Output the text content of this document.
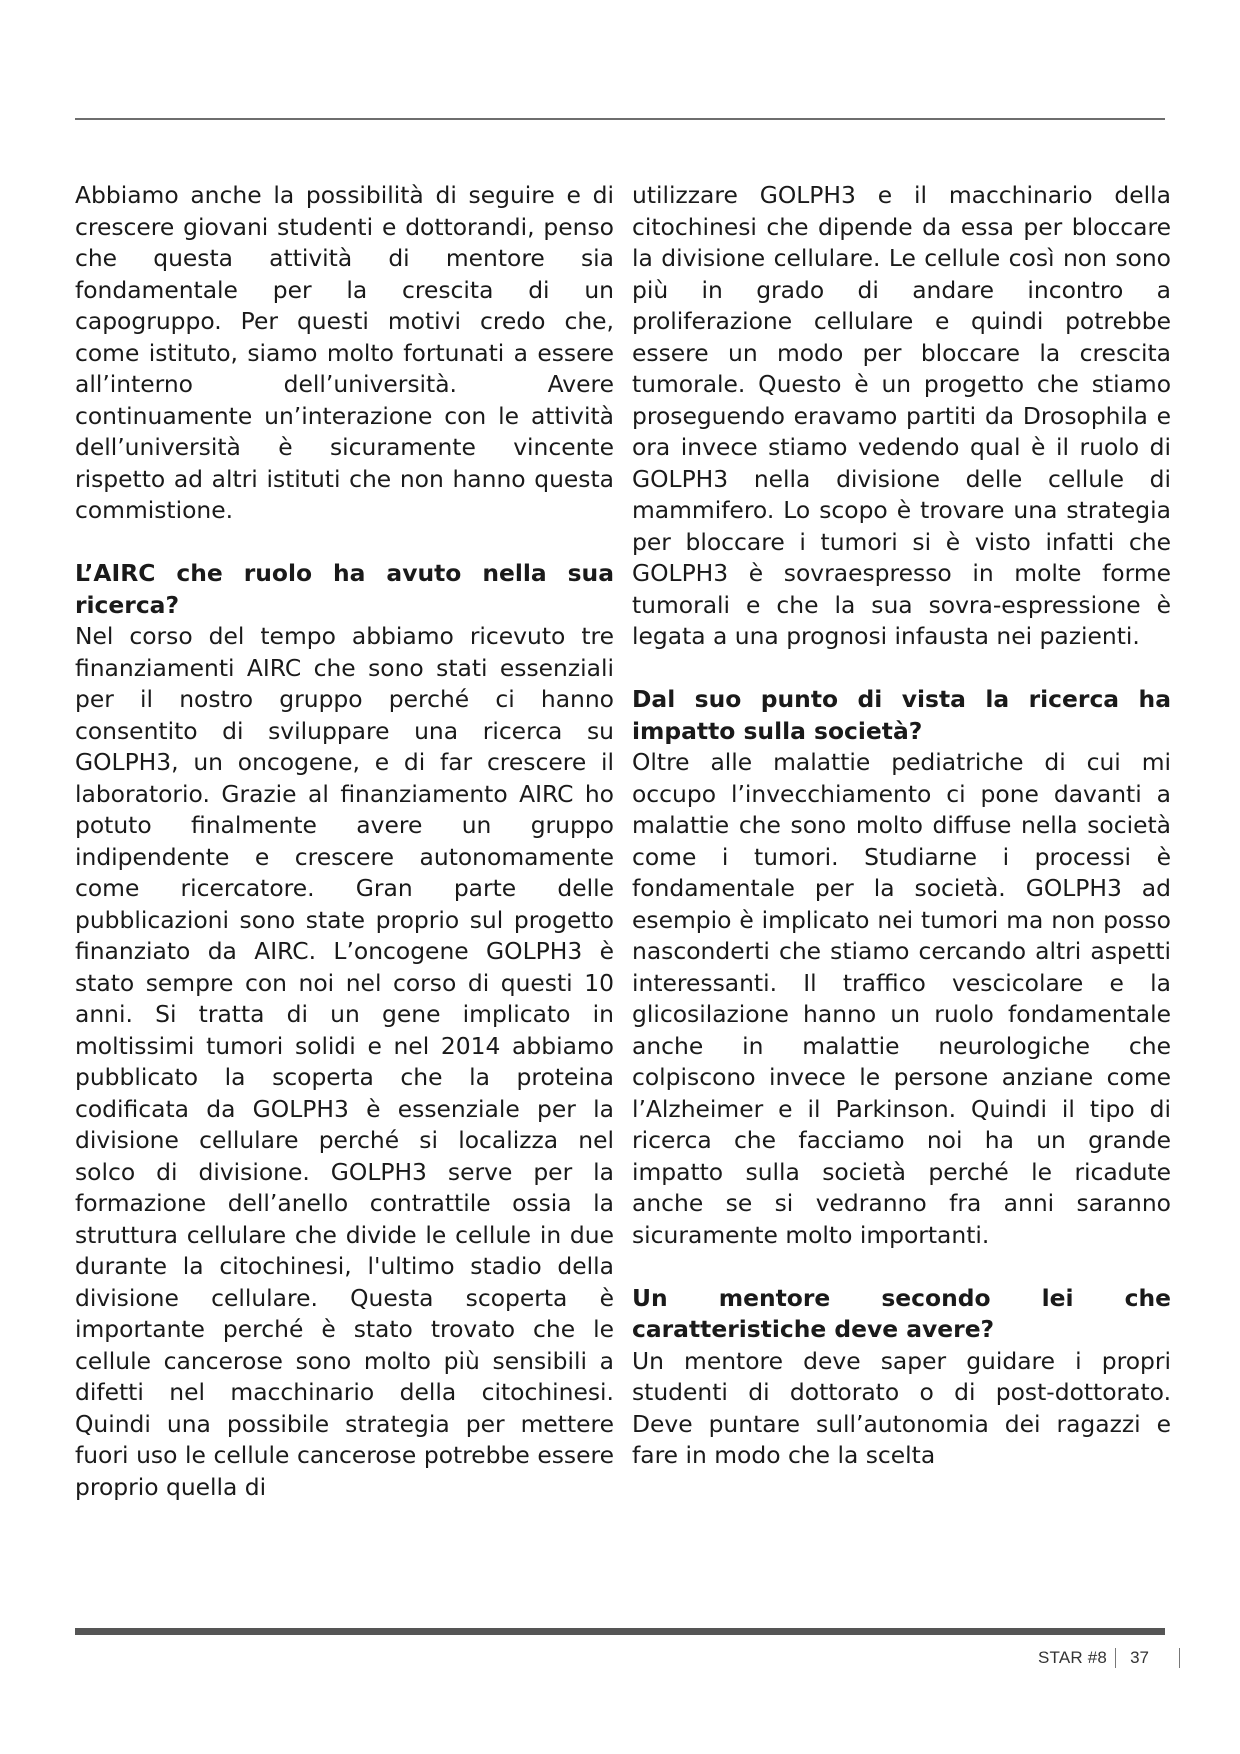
Abbiamo anche la possibilità di seguire e di crescere giovani studenti e dottorandi, penso che questa attività di mentore sia fondamentale per la crescita di un capogruppo. Per questi motivi credo che, come istituto, siamo molto fortunati a essere all’interno dell’università. Avere continuamente un’interazione con le attività dell’università è sicuramente vincente rispetto ad altri istituti che non hanno questa commistione.

L’AIRC che ruolo ha avuto nella sua ricerca?

Nel corso del tempo abbiamo ricevuto tre finanziamenti AIRC che sono stati essenziali per il nostro gruppo perché ci hanno consentito di sviluppare una ricerca su GOLPH3, un oncogene, e di far crescere il laboratorio. Grazie al finanziamento AIRC ho potuto finalmente avere un gruppo indipendente e crescere autonomamente come ricercatore. Gran parte delle pubblicazioni sono state proprio sul progetto finanziato da AIRC. L’oncogene GOLPH3 è stato sempre con noi nel corso di questi 10 anni. Si tratta di un gene implicato in moltissimi tumori solidi e nel 2014 abbiamo pubblicato la scoperta che la proteina codificata da GOLPH3 è essenziale per la divisione cellulare perché si localizza nel solco di divisione. GOLPH3 serve per la formazione dell’anello contrattile ossia la struttura cellulare che divide le cellule in due durante la citochinesi, l'ultimo stadio della divisione cellulare. Questa scoperta è importante perché è stato trovato che le cellule cancerose sono molto più sensibili a difetti nel macchinario della citochinesi. Quindi una possibile strategia per mettere fuori uso le cellule cancerose potrebbe essere proprio quella di

utilizzare GOLPH3 e il macchinario della citochinesi che dipende da essa per bloccare la divisione cellulare. Le cellule così non sono più in grado di andare incontro a proliferazione cellulare e quindi potrebbe essere un modo per bloccare la crescita tumorale. Questo è un progetto che stiamo proseguendo eravamo partiti da Drosophila e ora invece stiamo vedendo qual è il ruolo di GOLPH3 nella divisione delle cellule di mammifero. Lo scopo è trovare una strategia per bloccare i tumori si è visto infatti che GOLPH3 è sovraespresso in molte forme tumorali e che la sua sovra-espressione è legata a una prognosi infausta nei pazienti.

Dal suo punto di vista la ricerca ha impatto sulla società?

Oltre alle malattie pediatriche di cui mi occupo l’invecchiamento ci pone davanti a malattie che sono molto diffuse nella società come i tumori. Studiarne i processi è fondamentale per la società. GOLPH3 ad esempio è implicato nei tumori ma non posso nasconderti che stiamo cercando altri aspetti interessanti. Il traffico vescicolare e la glicosilazione hanno un ruolo fondamentale anche in malattie neurologiche che colpiscono invece le persone anziane come l’Alzheimer e il Parkinson. Quindi il tipo di ricerca che facciamo noi ha un grande impatto sulla società perché le ricadute anche se si vedranno fra anni saranno sicuramente molto importanti.

Un mentore secondo lei che caratteristiche deve avere?

Un mentore deve saper guidare i propri studenti di dottorato o di post-dottorato. Deve puntare sull’autonomia dei ragazzi e fare in modo che la scelta

STAR #8 37
